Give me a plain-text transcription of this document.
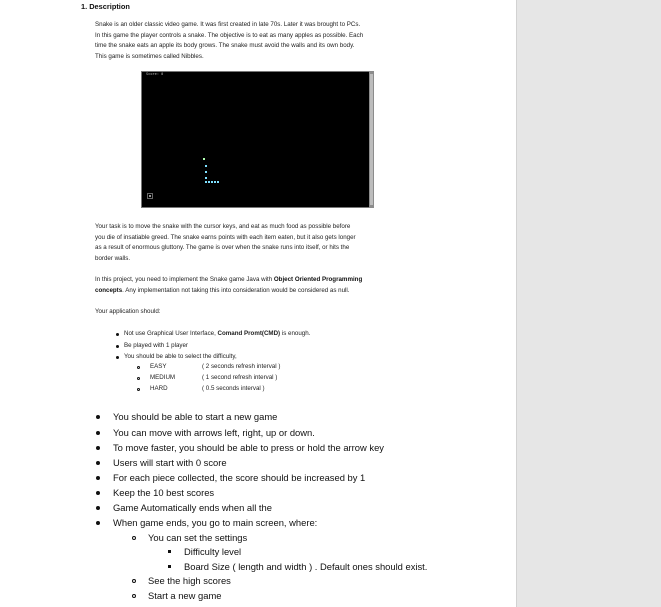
1. Description
Snake is an older classic video game. It was first created in late 70s. Later it was brought to PCs.
In this game the player controls a snake. The objective is to eat as many apples as possible. Each
time the snake eats an apple its body grows. The snake must avoid the walls and its own body.
This game is sometimes called Nibbles.
Score: 0
Your task is to move the snake with the cursor keys, and eat as much food as possible before
you die of insatiable greed. The snake earns points with each item eaten, but it also gets longer
as a result of enormous gluttony. The game is over when the snake runs into itself, or hits the
border walls.
In this project, you need to implement the Snake game Java with Object Oriented Programming
concepts. Any implementation not taking this into consideration would be considered as null.
Your application should:
Not use Graphical User Interface, Comand Promt(CMD) is enough.
Be played with 1 player
You should be able to select the difficulty,
EASY	( 2 seconds refresh interval )
MEDIUM	( 1 second refresh interval )
HARD	( 0.5 seconds interval )
You should be able to start a new game
You can move with arrows left, right, up or down.
To move faster, you should be able to press or hold the arrow key
Users will start with 0 score
For each piece collected, the score should be increased by 1
Keep the 10 best scores
Game Automatically ends when all the
When game ends, you go to main screen, where:
You can set the settings
Difficulty level
Board Size ( length and width ) . Default ones should exist.
See the high scores
Start a new game
